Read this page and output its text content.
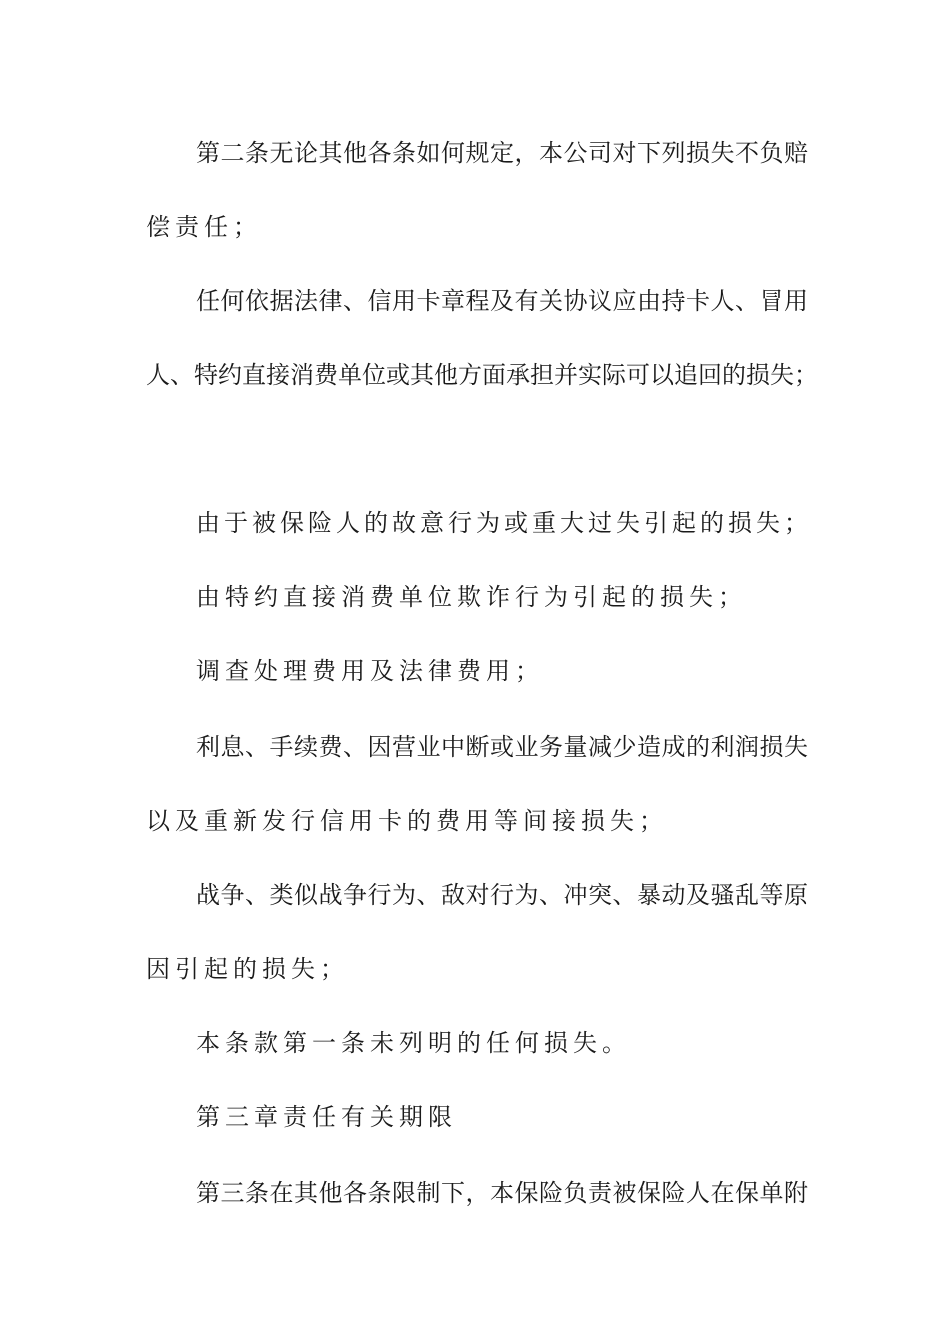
第二条无论其他各条如何规定，本公司对下列损失不负赔
偿责任；
任何依据法律、信用卡章程及有关协议应由持卡人、冒用
人、特约直接消费单位或其他方面承担并实际可以追回的损失；
由于被保险人的故意行为或重大过失引起的损失；
由特约直接消费单位欺诈行为引起的损失；
调查处理费用及法律费用；
利息、手续费、因营业中断或业务量减少造成的利润损失
以及重新发行信用卡的费用等间接损失；
战争、类似战争行为、敌对行为、冲突、暴动及骚乱等原
因引起的损失；
本条款第一条未列明的任何损失。
第三章责任有关期限
第三条在其他各条限制下，本保险负责被保险人在保单附
